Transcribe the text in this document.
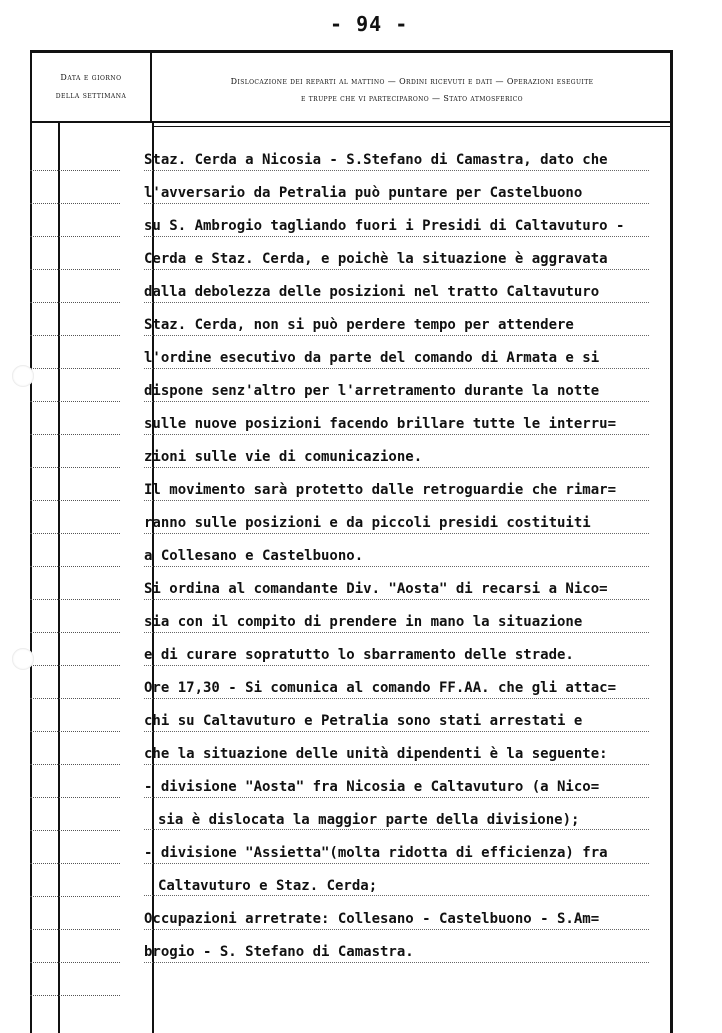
- 94 -
Data e giorno
della settimana
Dislocazione dei reparti al mattino — Ordini ricevuti e dati — Operazioni eseguite
e truppe che vi parteciparono — Stato atmosferico
Staz. Cerda a Nicosia - S.Stefano di Camastra, dato che
l'avversario da Petralia può puntare per Castelbuono
su S. Ambrogio tagliando fuori i Presidi di Caltavuturo -
Cerda e Staz. Cerda, e poichè la situazione è aggravata
dalla debolezza delle posizioni nel tratto Caltavuturo
Staz. Cerda, non si può perdere tempo per attendere
l'ordine esecutivo da parte del comando di Armata e si
dispone senz'altro per l'arretramento durante la notte
sulle nuove posizioni facendo brillare tutte le interru=
zioni sulle vie di comunicazione.
Il movimento sarà protetto dalle retroguardie che rimar=
ranno sulle posizioni e da piccoli presidi costituiti
a Collesano e Castelbuono.
Si ordina al comandante Div. "Aosta" di recarsi a Nico=
sia con il compito di prendere in mano la situazione
e di curare sopratutto lo sbarramento delle strade.
Ore 17,30 - Si comunica al comando FF.AA. che gli attac=
chi su Caltavuturo e Petralia sono stati arrestati e
che la situazione delle unità dipendenti è la seguente:
- divisione "Aosta" fra Nicosia e Caltavuturo (a Nico=
sia è dislocata la maggior parte della divisione);
- divisione "Assietta"(molta ridotta di efficienza) fra
Caltavuturo e Staz. Cerda;
Occupazioni arretrate: Collesano - Castelbuono - S.Am=
brogio - S. Stefano di Camastra.
